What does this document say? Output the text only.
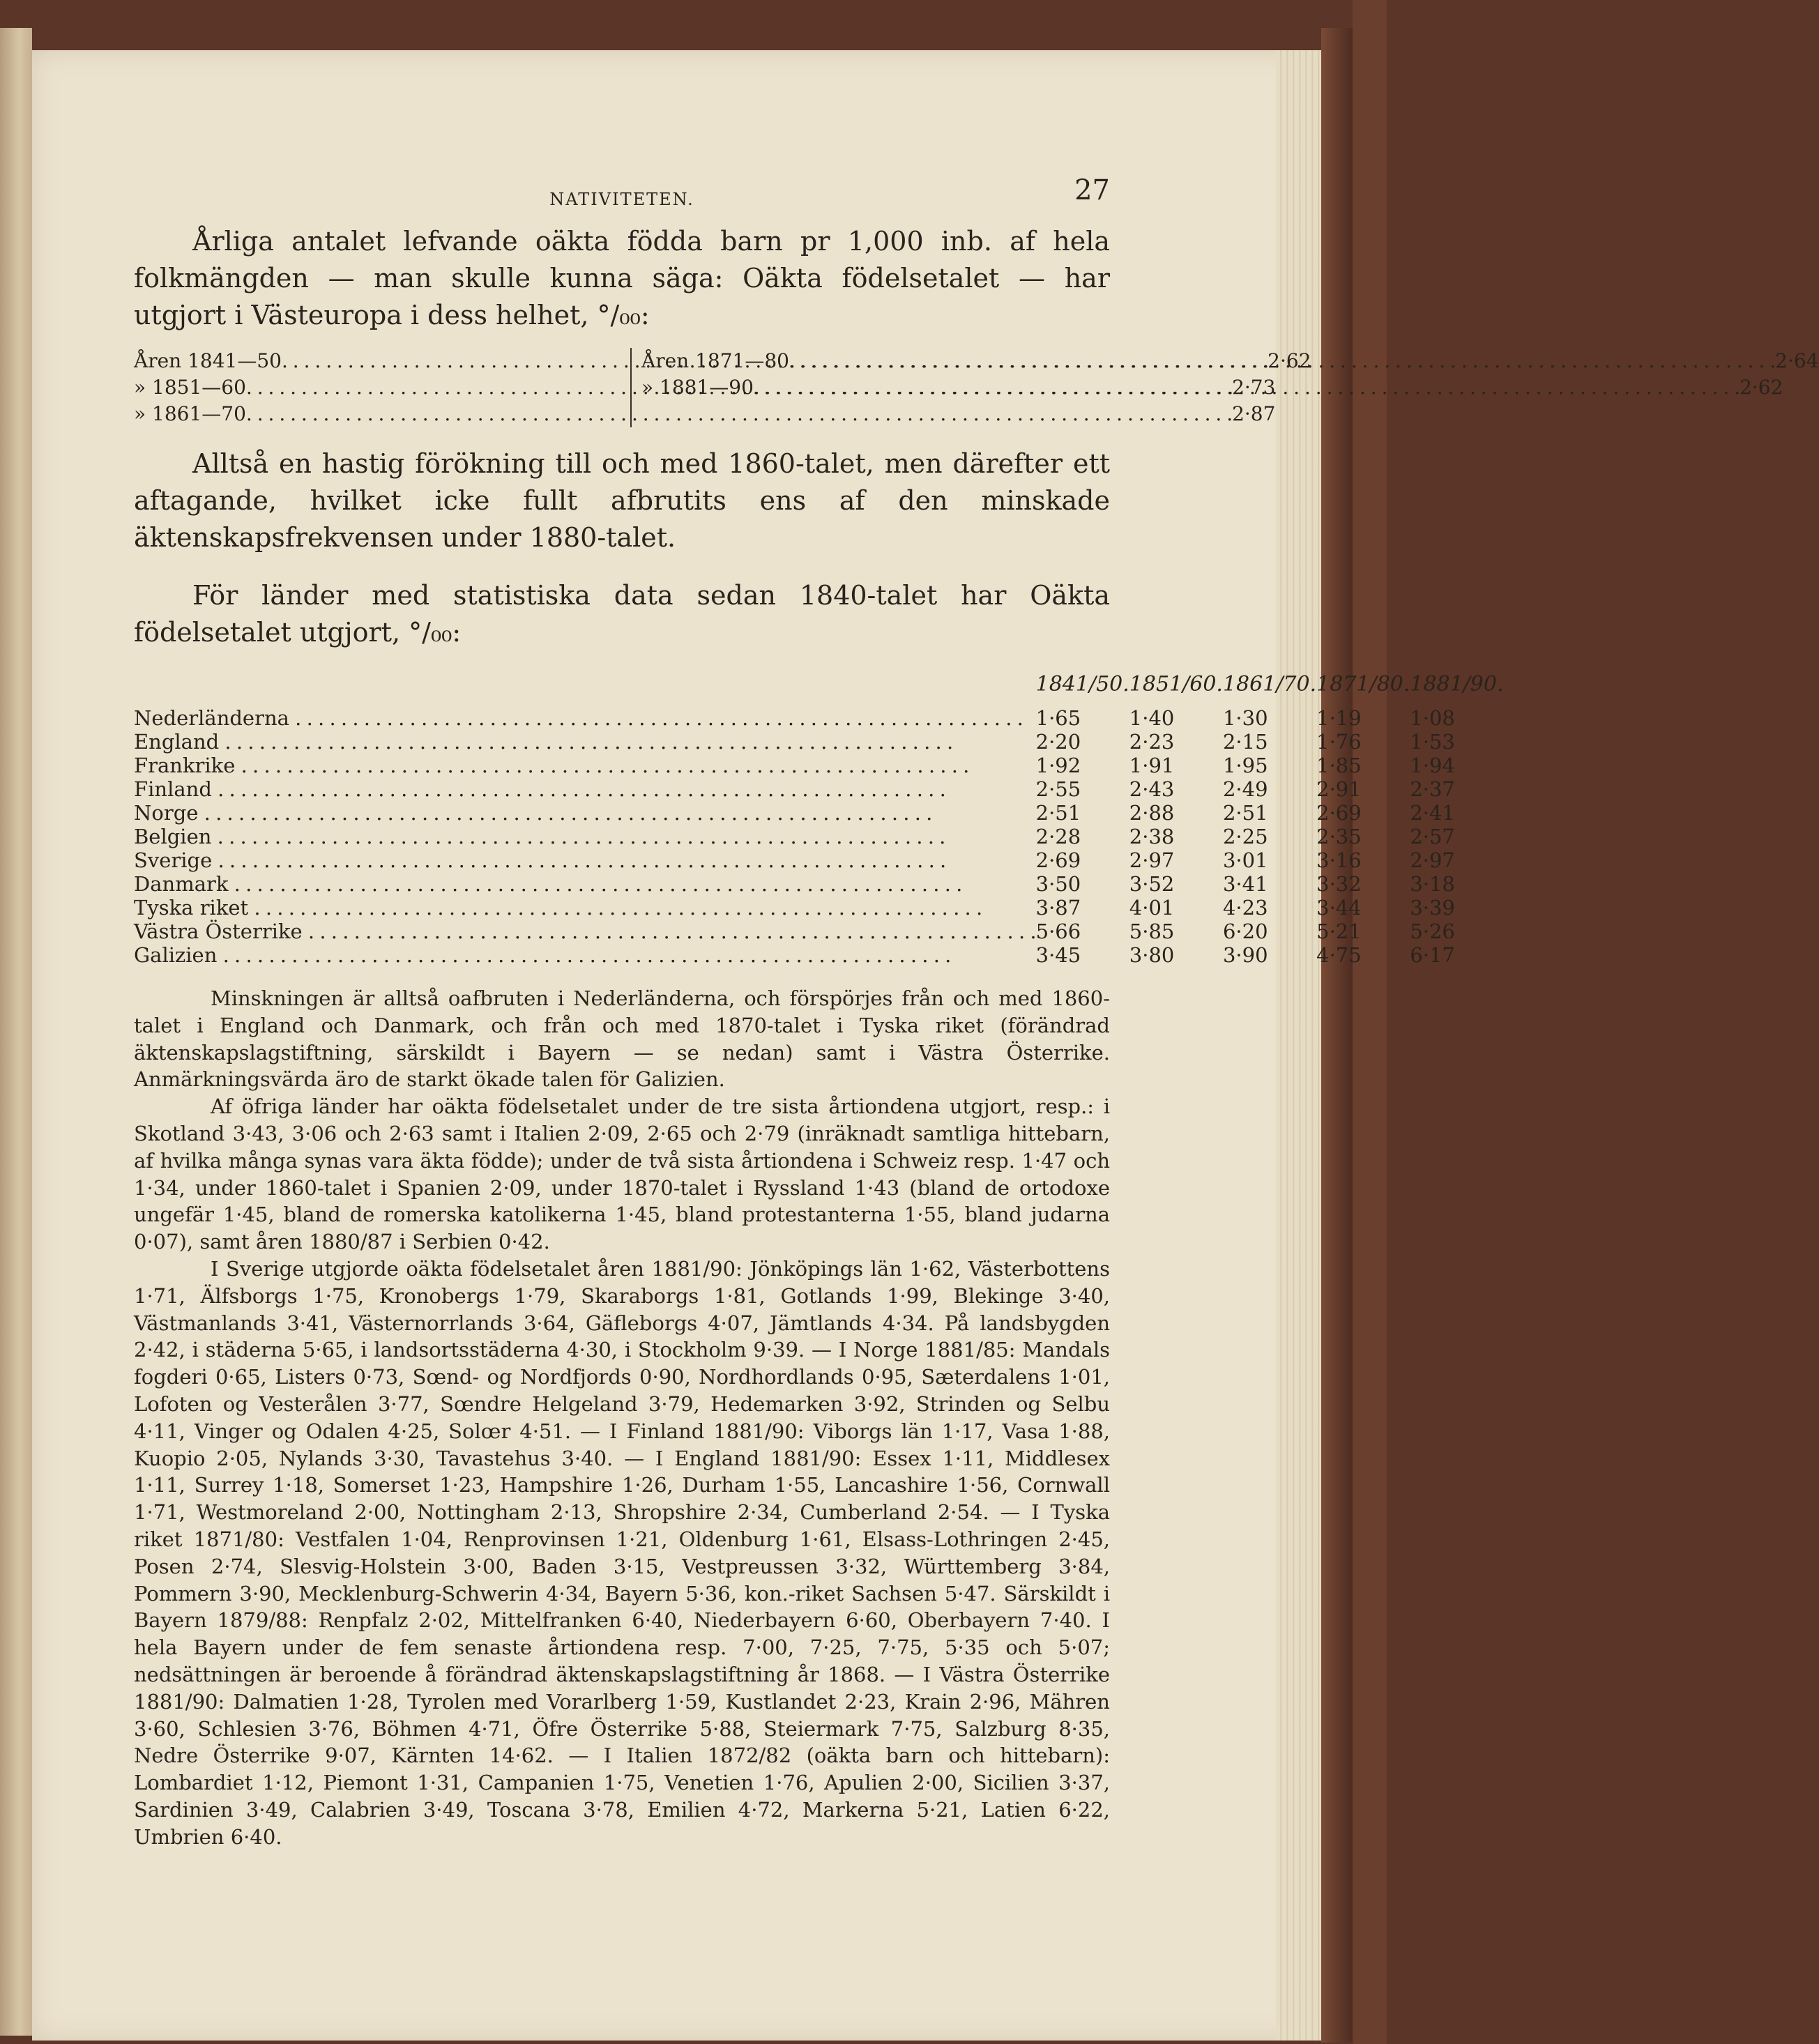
NATIVITETEN.	27

Årliga antalet lefvande oäkta födda barn pr 1,000 inb. af hela folkmängden — man skulle kunna säga: Oäkta födelsetalet — har utgjort i Västeuropa i dess helhet, °/₀₀:

Åren 1841—50 . . .	2·62
» 1851—60 . . .	2·73
» 1861—70 . . .	2·87
Åren 1871—80 . . .	2·64
» 1881—90 . . .	2·62

Alltså en hastig förökning till och med 1860-talet, men därefter ett aftagande, hvilket icke fullt afbrutits ens af den minskade äktenskapsfrekvensen under 1880-talet.

För länder med statistiska data sedan 1840-talet har Oäkta födelsetalet utgjort, °/₀₀:

	1841/50.	1851/60.	1861/70.	1871/80.	1881/90.
Nederländerna . . .	1·65	1·40	1·30	1·19	1·08
England . . .	2·20	2·23	2·15	1·76	1·53
Frankrike . . .	1·92	1·91	1·95	1·85	1·94
Finland . . .	2·55	2·43	2·49	2·91	2·37
Norge . . .	2·51	2·88	2·51	2·69	2·41
Belgien . . .	2·28	2·38	2·25	2·35	2·57
Sverige . . .	2·69	2·97	3·01	3·16	2·97
Danmark . . .	3·50	3·52	3·41	3·32	3·18
Tyska riket . . .	3·87	4·01	4·23	3·44	3·39
Västra Österrike . . .	5·66	5·85	6·20	5·21	5·26
Galizien . . .	3·45	3·80	3·90	4·75	6·17

Minskningen är alltså oafbruten i Nederländerna, och förspörjes från och med 1860-talet i England och Danmark, och från och med 1870-talet i Tyska riket (förändrad äktenskapslagstiftning, särskildt i Bayern — se nedan) samt i Västra Österrike. Anmärkningsvärda äro de starkt ökade talen för Galizien.

Af öfriga länder har oäkta födelsetalet under de tre sista årtiondena utgjort, resp.: i Skotland 3·43, 3·06 och 2·63 samt i Italien 2·09, 2·65 och 2·79 (inräknadt samtliga hittebarn, af hvilka många synas vara äkta födde); under de två sista årtiondena i Schweiz resp. 1·47 och 1·34, under 1860-talet i Spanien 2·09, under 1870-talet i Ryssland 1·43 (bland de ortodoxe ungefär 1·45, bland de romerska katolikerna 1·45, bland protestanterna 1·55, bland judarna 0·07), samt åren 1880/87 i Serbien 0·42.

I Sverige utgjorde oäkta födelsetalet åren 1881/90: Jönköpings län 1·62, Västerbottens 1·71, Älfsborgs 1·75, Kronobergs 1·79, Skaraborgs 1·81, Gotlands 1·99, Blekinge 3·40, Västmanlands 3·41, Västernorrlands 3·64, Gäfleborgs 4·07, Jämtlands 4·34. På landsbygden 2·42, i städerna 5·65, i landsortsstäderna 4·30, i Stockholm 9·39. — I Norge 1881/85: Mandals fogderi 0·65, Listers 0·73, Sœnd- og Nordfjords 0·90, Nordhordlands 0·95, Sæterdalens 1·01, Lofoten og Vesterålen 3·77, Sœndre Helgeland 3·79, Hedemarken 3·92, Strinden og Selbu 4·11, Vinger og Odalen 4·25, Solœr 4·51. — I Finland 1881/90: Viborgs län 1·17, Vasa 1·88, Kuopio 2·05, Nylands 3·30, Tavastehus 3·40. — I England 1881/90: Essex 1·11, Middlesex 1·11, Surrey 1·18, Somerset 1·23, Hampshire 1·26, Durham 1·55, Lancashire 1·56, Cornwall 1·71, Westmoreland 2·00, Nottingham 2·13, Shropshire 2·34, Cumberland 2·54. — I Tyska riket 1871/80: Vestfalen 1·04, Renprovinsen 1·21, Oldenburg 1·61, Elsass-Lothringen 2·45, Posen 2·74, Slesvig-Holstein 3·00, Baden 3·15, Vestpreussen 3·32, Württemberg 3·84, Pommern 3·90, Mecklenburg-Schwerin 4·34, Bayern 5·36, kon.-riket Sachsen 5·47. Särskildt i Bayern 1879/88: Renpfalz 2·02, Mittelfranken 6·40, Niederbayern 6·60, Oberbayern 7·40. I hela Bayern under de fem senaste årtiondena resp. 7·00, 7·25, 7·75, 5·35 och 5·07; nedsättningen är beroende å förändrad äktenskapslagstiftning år 1868. — I Västra Österrike 1881/90: Dalmatien 1·28, Tyrolen med Vorarlberg 1·59, Kustlandet 2·23, Krain 2·96, Mähren 3·60, Schlesien 3·76, Böhmen 4·71, Öfre Österrike 5·88, Steiermark 7·75, Salzburg 8·35, Nedre Österrike 9·07, Kärnten 14·62. — I Italien 1872/82 (oäkta barn och hittebarn): Lombardiet 1·12, Piemont 1·31, Campanien 1·75, Venetien 1·76, Apulien 2·00, Sicilien 3·37, Sardinien 3·49, Calabrien 3·49, Toscana 3·78, Emilien 4·72, Markerna 5·21, Latien 6·22, Umbrien 6·40.
